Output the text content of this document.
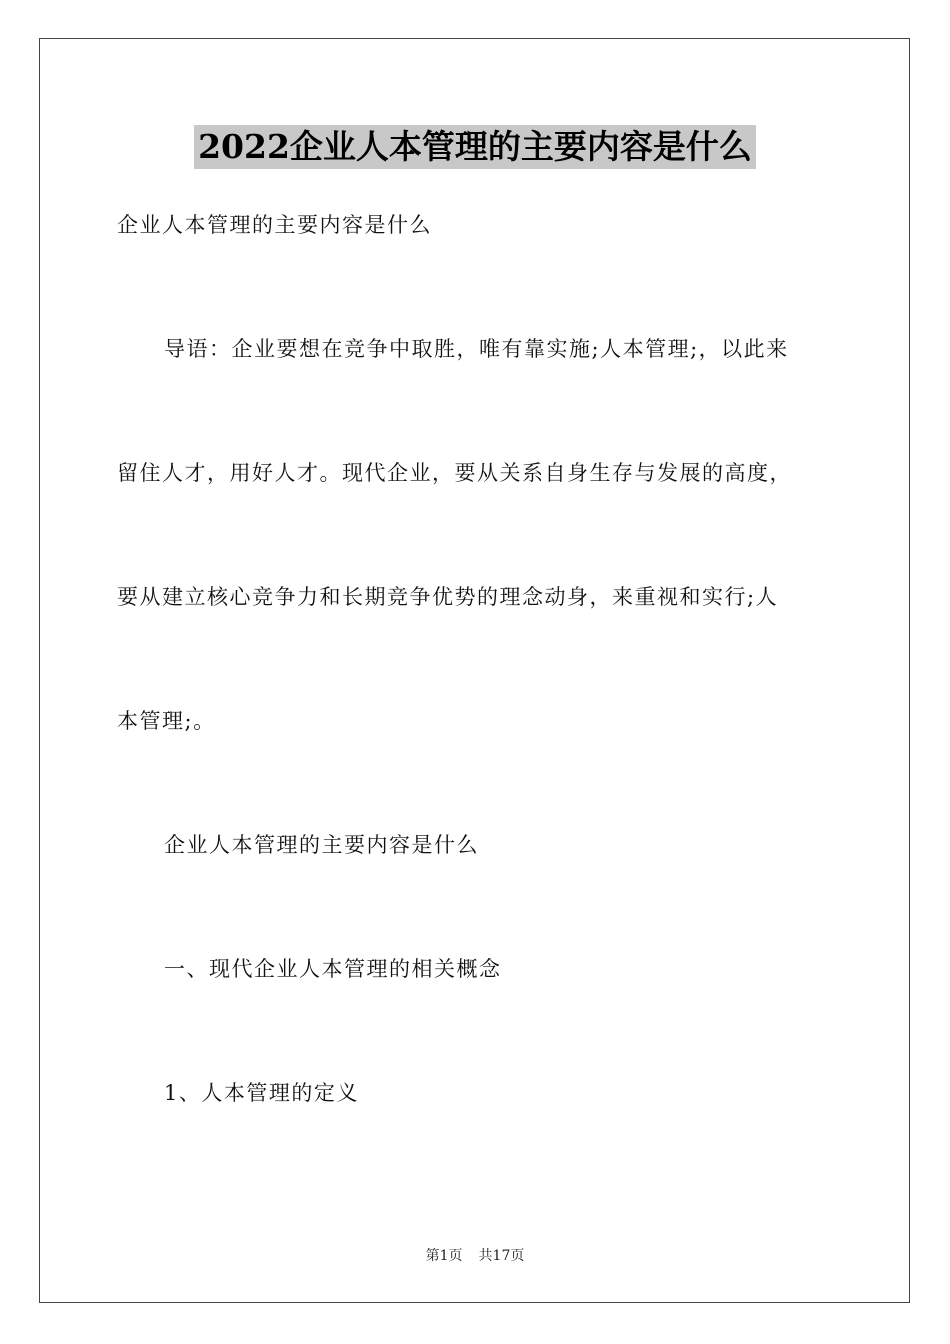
2022企业人本管理的主要内容是什么

企业人本管理的主要内容是什么

导语：企业要想在竞争中取胜，唯有靠实施;人本管理;，以此来

留住人才，用好人才。现代企业，要从关系自身生存与发展的高度，

要从建立核心竞争力和长期竞争优势的理念动身，来重视和实行;人

本管理;。

企业人本管理的主要内容是什么

一、现代企业人本管理的相关概念

1、人本管理的定义

第1页 共17页
